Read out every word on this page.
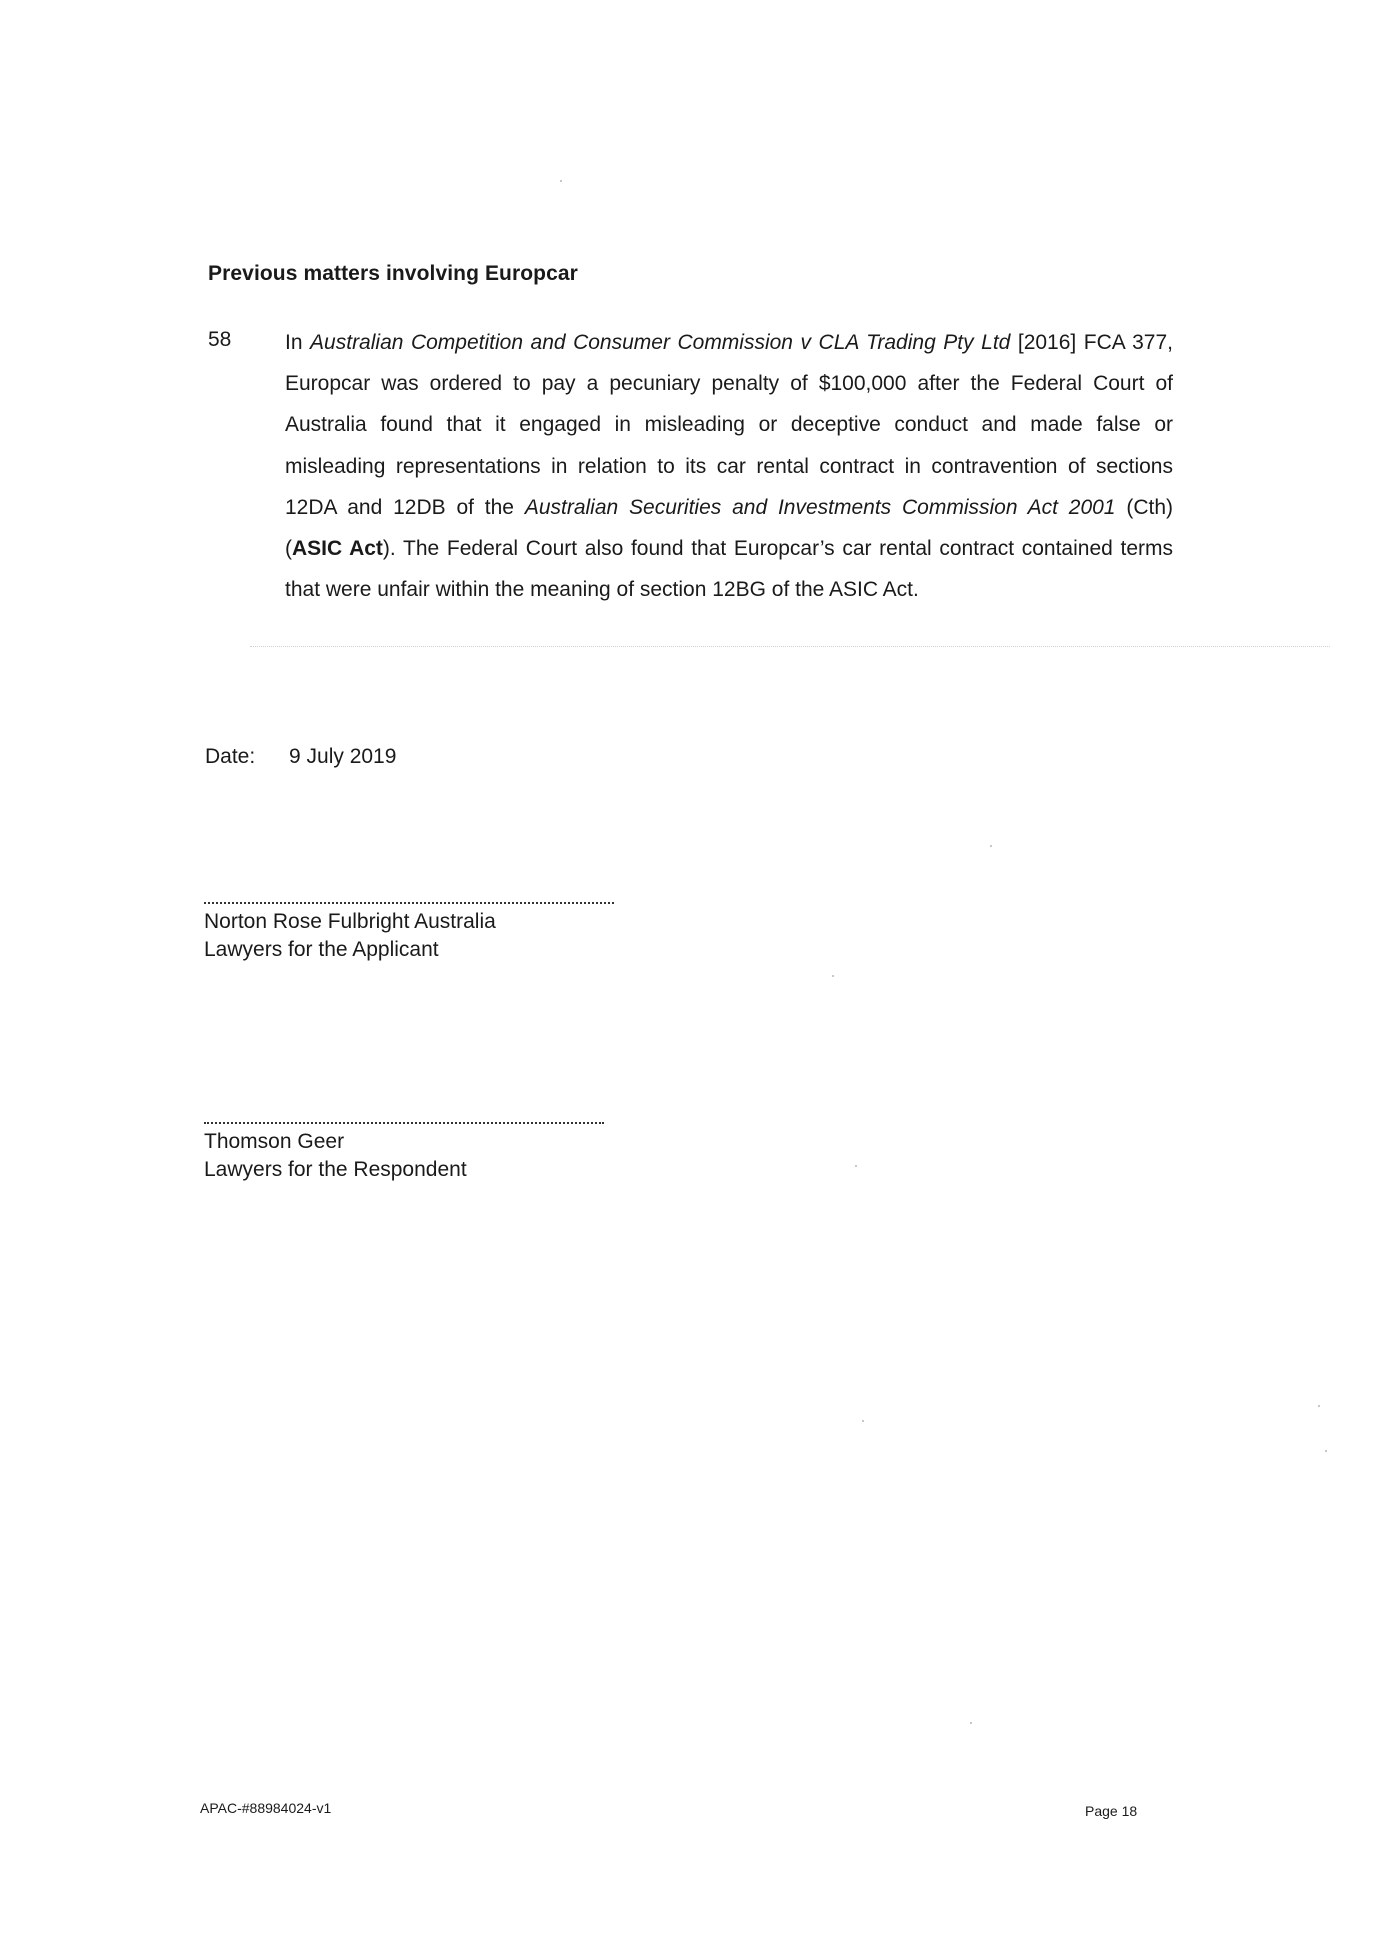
Previous matters involving Europcar
58	In Australian Competition and Consumer Commission v CLA Trading Pty Ltd [2016] FCA 377, Europcar was ordered to pay a pecuniary penalty of $100,000 after the Federal Court of Australia found that it engaged in misleading or deceptive conduct and made false or misleading representations in relation to its car rental contract in contravention of sections 12DA and 12DB of the Australian Securities and Investments Commission Act 2001 (Cth) (ASIC Act). The Federal Court also found that Europcar’s car rental contract contained terms that were unfair within the meaning of section 12BG of the ASIC Act.
Date: 9 July 2019
Norton Rose Fulbright Australia
Lawyers for the Applicant
Thomson Geer
Lawyers for the Respondent
APAC-#88984024-v1	Page 18
